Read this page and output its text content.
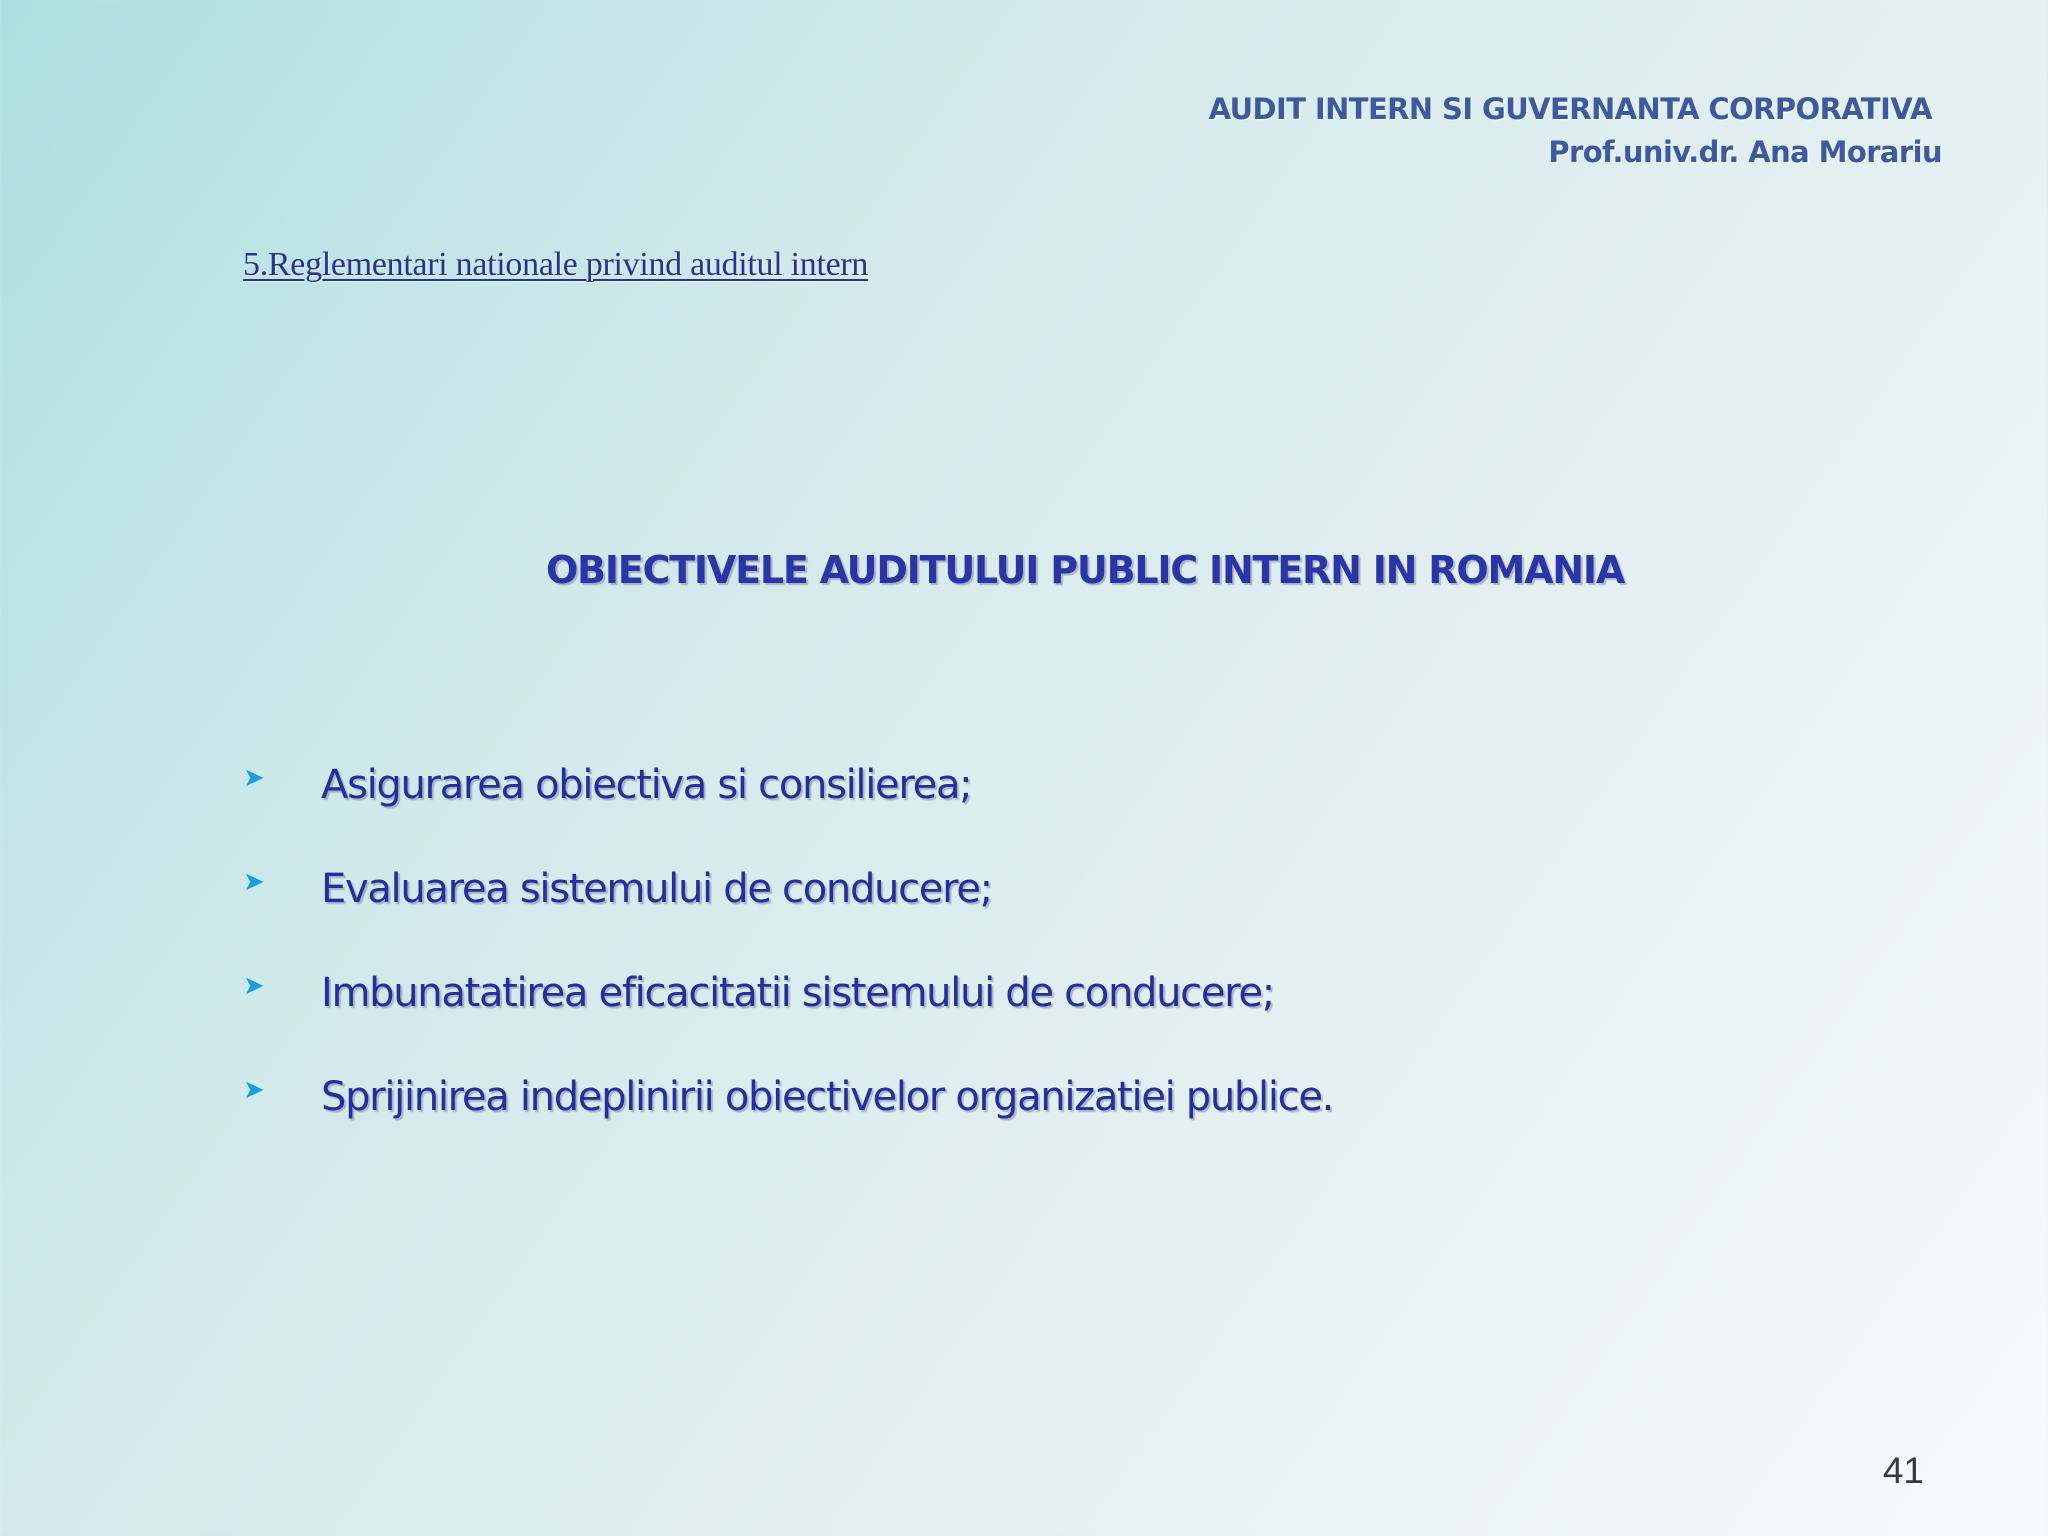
AUDIT INTERN SI GUVERNANTA CORPORATIVA
Prof.univ.dr. Ana Morariu
5.Reglementari nationale privind auditul intern
OBIECTIVELE AUDITULUI PUBLIC INTERN IN ROMANIA
➤	Asigurarea obiectiva si consilierea;
➤	Evaluarea sistemului de conducere;
➤	Imbunatatirea eficacitatii sistemului de conducere;
➤	Sprijinirea indeplinirii obiectivelor organizatiei publice.
41
